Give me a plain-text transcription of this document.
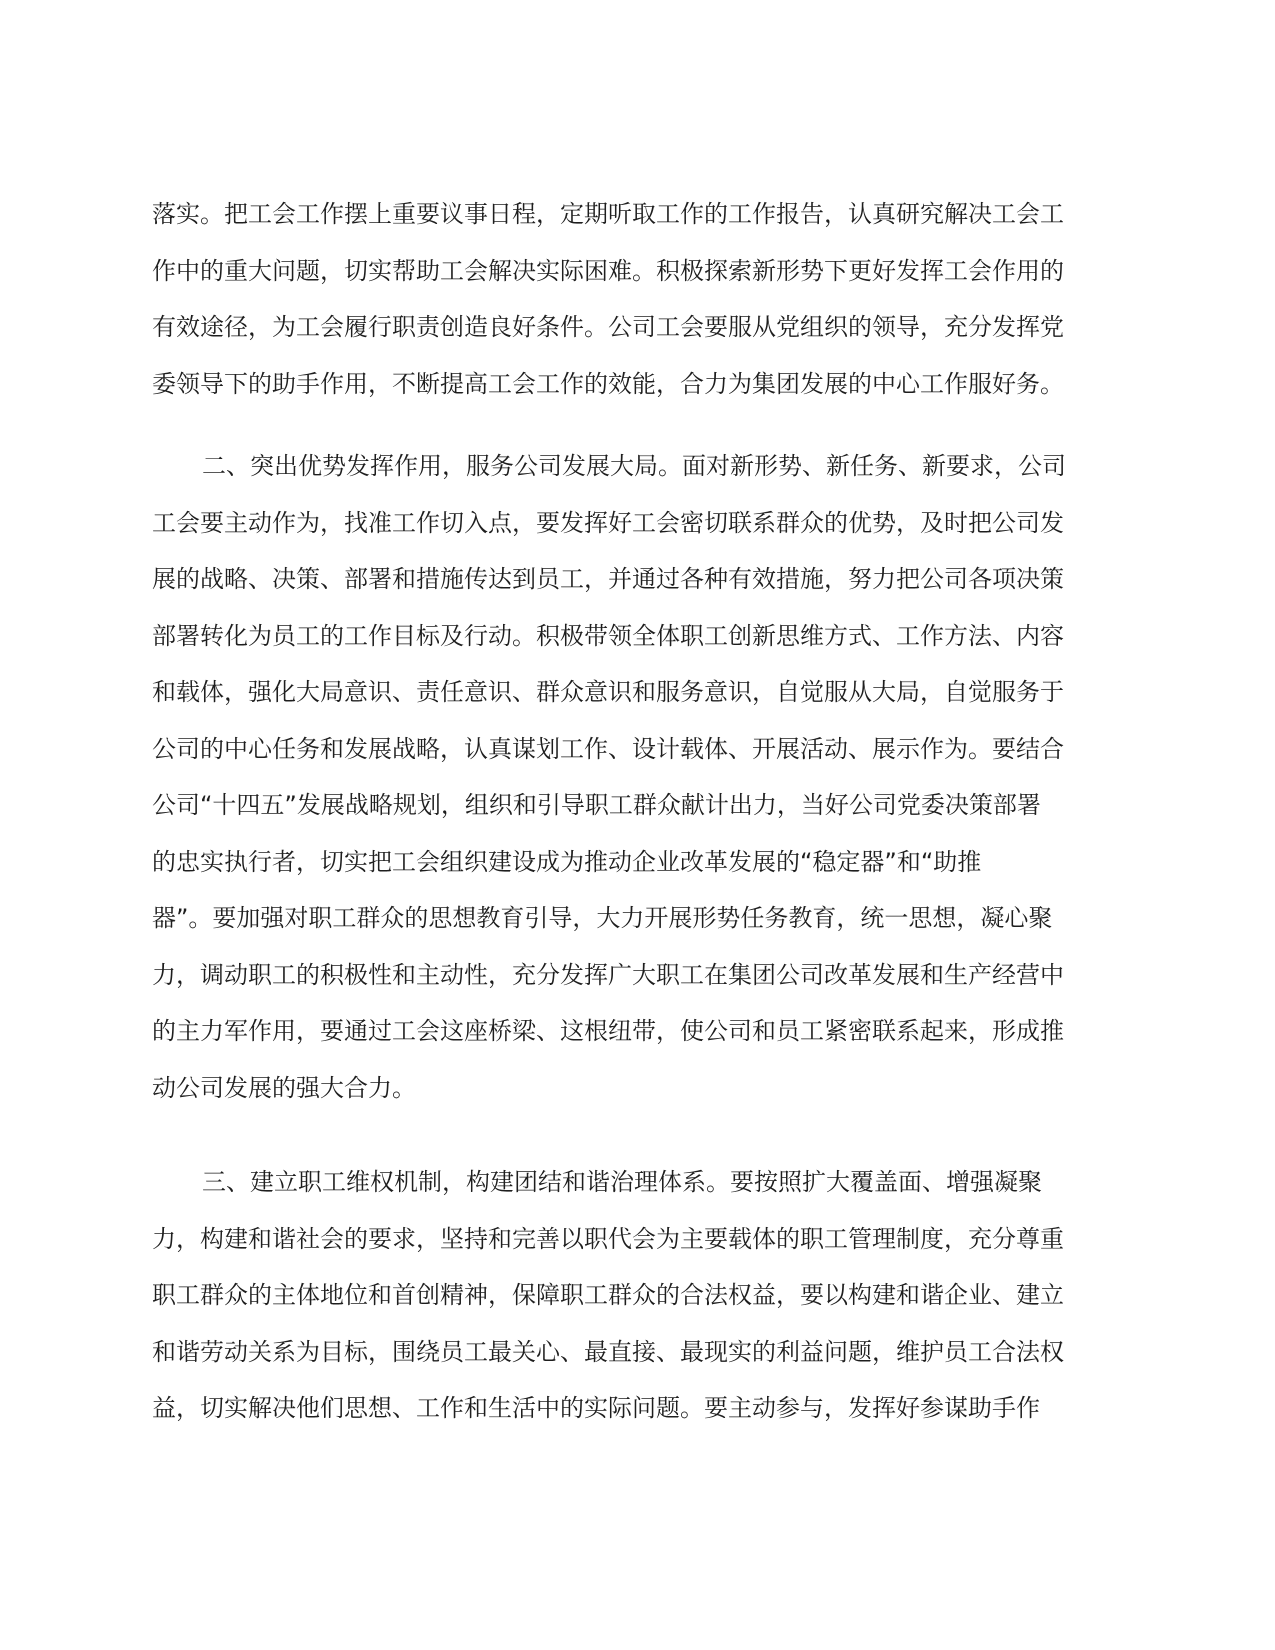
落实。把工会工作摆上重要议事日程，定期听取工作的工作报告，认真研究解决工会工
作中的重大问题，切实帮助工会解决实际困难。积极探索新形势下更好发挥工会作用的
有效途径，为工会履行职责创造良好条件。公司工会要服从党组织的领导，充分发挥党
委领导下的助手作用，不断提高工会工作的效能，合力为集团发展的中心工作服好务。
二、突出优势发挥作用，服务公司发展大局。面对新形势、新任务、新要求，公司
工会要主动作为，找准工作切入点，要发挥好工会密切联系群众的优势，及时把公司发
展的战略、决策、部署和措施传达到员工，并通过各种有效措施，努力把公司各项决策
部署转化为员工的工作目标及行动。积极带领全体职工创新思维方式、工作方法、内容
和载体，强化大局意识、责任意识、群众意识和服务意识，自觉服从大局，自觉服务于
公司的中心任务和发展战略，认真谋划工作、设计载体、开展活动、展示作为。要结合
公司“十四五”发展战略规划，组织和引导职工群众献计出力，当好公司党委决策部署
的忠实执行者，切实把工会组织建设成为推动企业改革发展的“稳定器”和“助推
器”。要加强对职工群众的思想教育引导，大力开展形势任务教育，统一思想，凝心聚
力，调动职工的积极性和主动性，充分发挥广大职工在集团公司改革发展和生产经营中
的主力军作用，要通过工会这座桥梁、这根纽带，使公司和员工紧密联系起来，形成推
动公司发展的强大合力。
三、建立职工维权机制，构建团结和谐治理体系。要按照扩大覆盖面、增强凝聚
力，构建和谐社会的要求，坚持和完善以职代会为主要载体的职工管理制度，充分尊重
职工群众的主体地位和首创精神，保障职工群众的合法权益，要以构建和谐企业、建立
和谐劳动关系为目标，围绕员工最关心、最直接、最现实的利益问题，维护员工合法权
益，切实解决他们思想、工作和生活中的实际问题。要主动参与，发挥好参谋助手作
